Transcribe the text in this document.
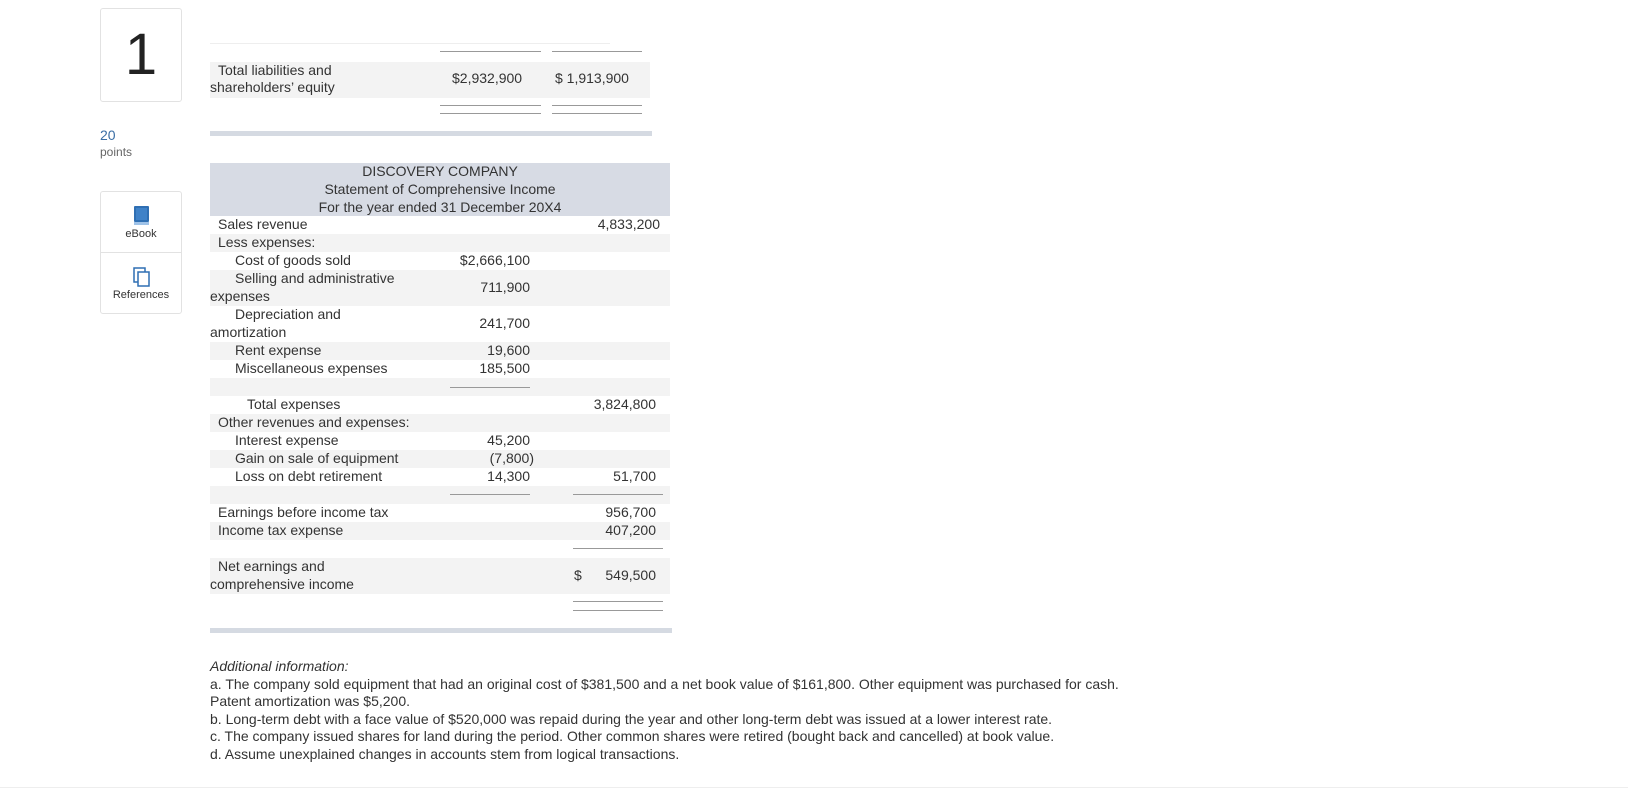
1
20
points
eBook
References
Total liabilities and
shareholders’ equity
$2,932,900 $ 1,913,900
DISCOVERY COMPANY
Statement of Comprehensive Income
For the year ended 31 December 20X4
Sales revenue	4,833,200
Less expenses:
Cost of goods sold	$2,666,100
Selling and administrative
expenses
711,900
Depreciation and
amortization
241,700
Rent expense	19,600
Miscellaneous expenses	185,500
Total expenses	3,824,800
Other revenues and expenses:
Interest expense	45,200
Gain on sale of equipment	(7,800)
Loss on debt retirement	14,300	51,700
Earnings before income tax	956,700
Income tax expense	407,200
Net earnings and
comprehensive income
$	549,500

Additional information:

a. The company sold equipment that had an original cost of $381,500 and a net book value of $161,800. Other equipment was purchased for cash. Patent amortization was $5,200.

b. Long-term debt with a face value of $520,000 was repaid during the year and other long-term debt was issued at a lower interest rate.

c. The company issued shares for land during the period. Other common shares were retired (bought back and cancelled) at book value.

d. Assume unexplained changes in accounts stem from logical transactions.
